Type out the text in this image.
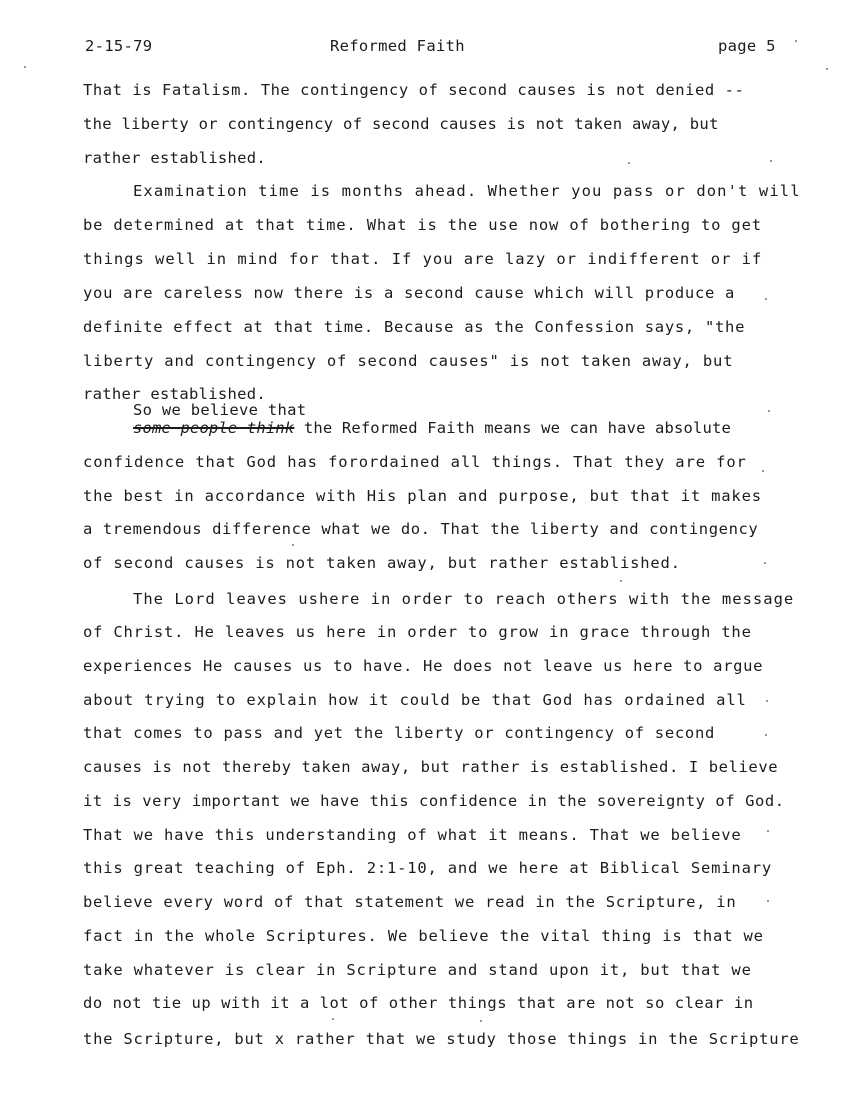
2-15-79	Reformed Faith	page 5
That is Fatalism. The contingency of second causes is not denied --
the liberty or contingency of second causes is not taken away, but
rather established.
Examination time is months ahead. Whether you pass or don't will
be determined at that time. What is the use now of bothering to get
things well in mind for that. If you are lazy or indifferent or if
you are careless now there is a second cause which will produce a
definite effect at that time. Because as the Confession says, "the
liberty and contingency of second causes" is not taken away, but
rather established.
So we believe that
some people think the Reformed Faith means we can have absolute
confidence that God has forordained all things. That they are for
the best in accordance with His plan and purpose, but that it makes
a tremendous difference what we do. That the liberty and contingency
of second causes is not taken away, but rather established.
The Lord leaves ushere in order to reach others with the message
of Christ. He leaves us here in order to grow in grace through the
experiences He causes us to have. He does not leave us here to argue
about trying to explain how it could be that God has ordained all
that comes to pass and yet the liberty or contingency of second
causes is not thereby taken away, but rather is established. I believe
it is very important we have this confidence in the sovereignty of God.
That we have this understanding of what it means. That we believe
this great teaching of Eph. 2:1-10, and we here at Biblical Seminary
believe every word of that statement we read in the Scripture, in
fact in the whole Scriptures. We believe the vital thing is that we
take whatever is clear in Scripture and stand upon it, but that we
do not tie up with it a lot of other things that are not so clear in
the Scripture, but x rather that we study those things in the Scripture
